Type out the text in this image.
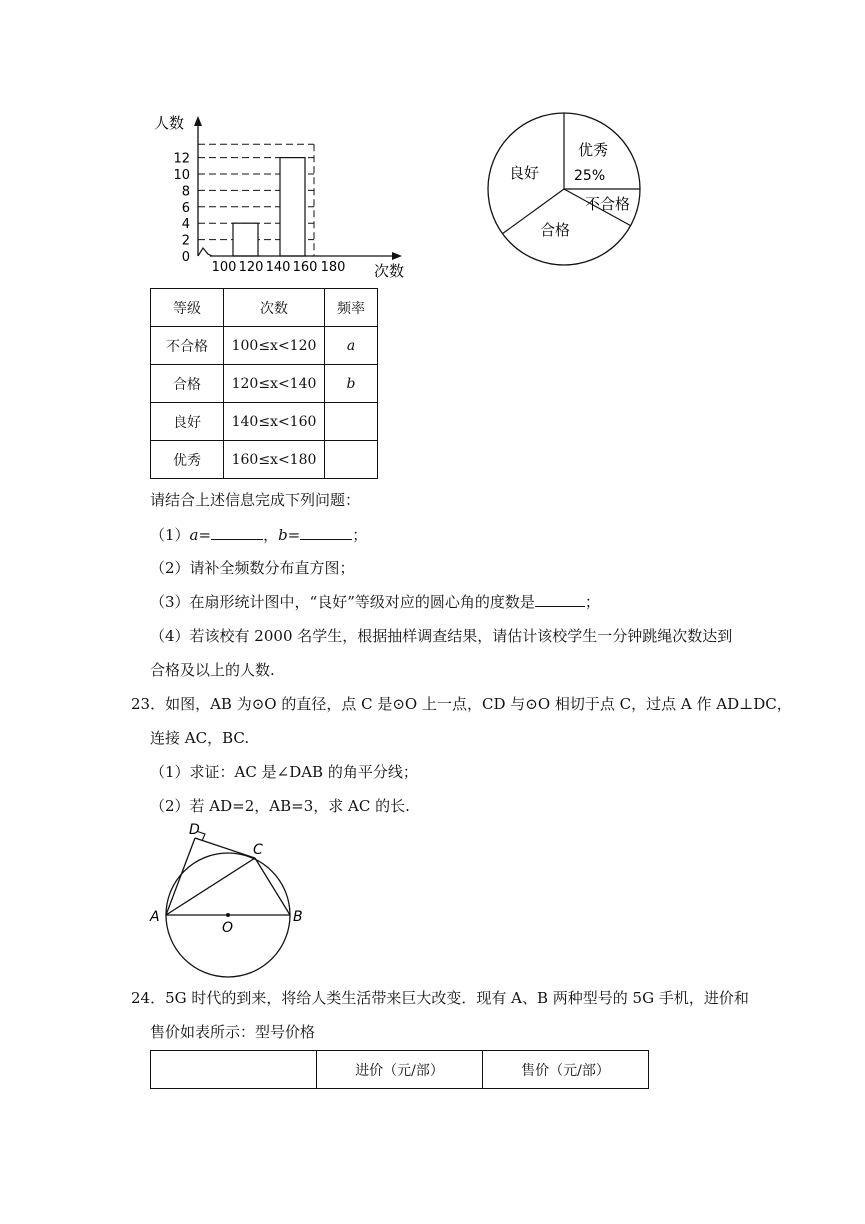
0
2
4
6
8
10
12
100 120 140 160 180
人数
次数
优秀
25%
不合格
合格
良好
等级	次数	频率
不合格	100≤x<120	a
合格	120≤x<140	b
良好	140≤x<160	
优秀	160≤x<180	
请结合上述信息完成下列问题：
（1）a=	，b=	；
（2）请补全频数分布直方图；
（3）在扇形统计图中，“良好”等级对应的圆心角的度数是	；
（4）若该校有 2000 名学生，根据抽样调查结果，请估计该校学生一分钟跳绳次数达到
合格及以上的人数.
23．如图，AB 为⊙O 的直径，点 C 是⊙O 上一点，CD 与⊙O 相切于点 C，过点 A 作 AD⊥DC，
连接 AC，BC.
（1）求证：AC 是∠DAB 的角平分线；
（2）若 AD=2，AB=3，求 AC 的长.
A	B
C
D
O
24．5G 时代的到来，将给人类生活带来巨大改变．现有 A、B 两种型号的 5G 手机，进价和
售价如表所示：型号价格
	进价（元/部）	售价（元/部）
